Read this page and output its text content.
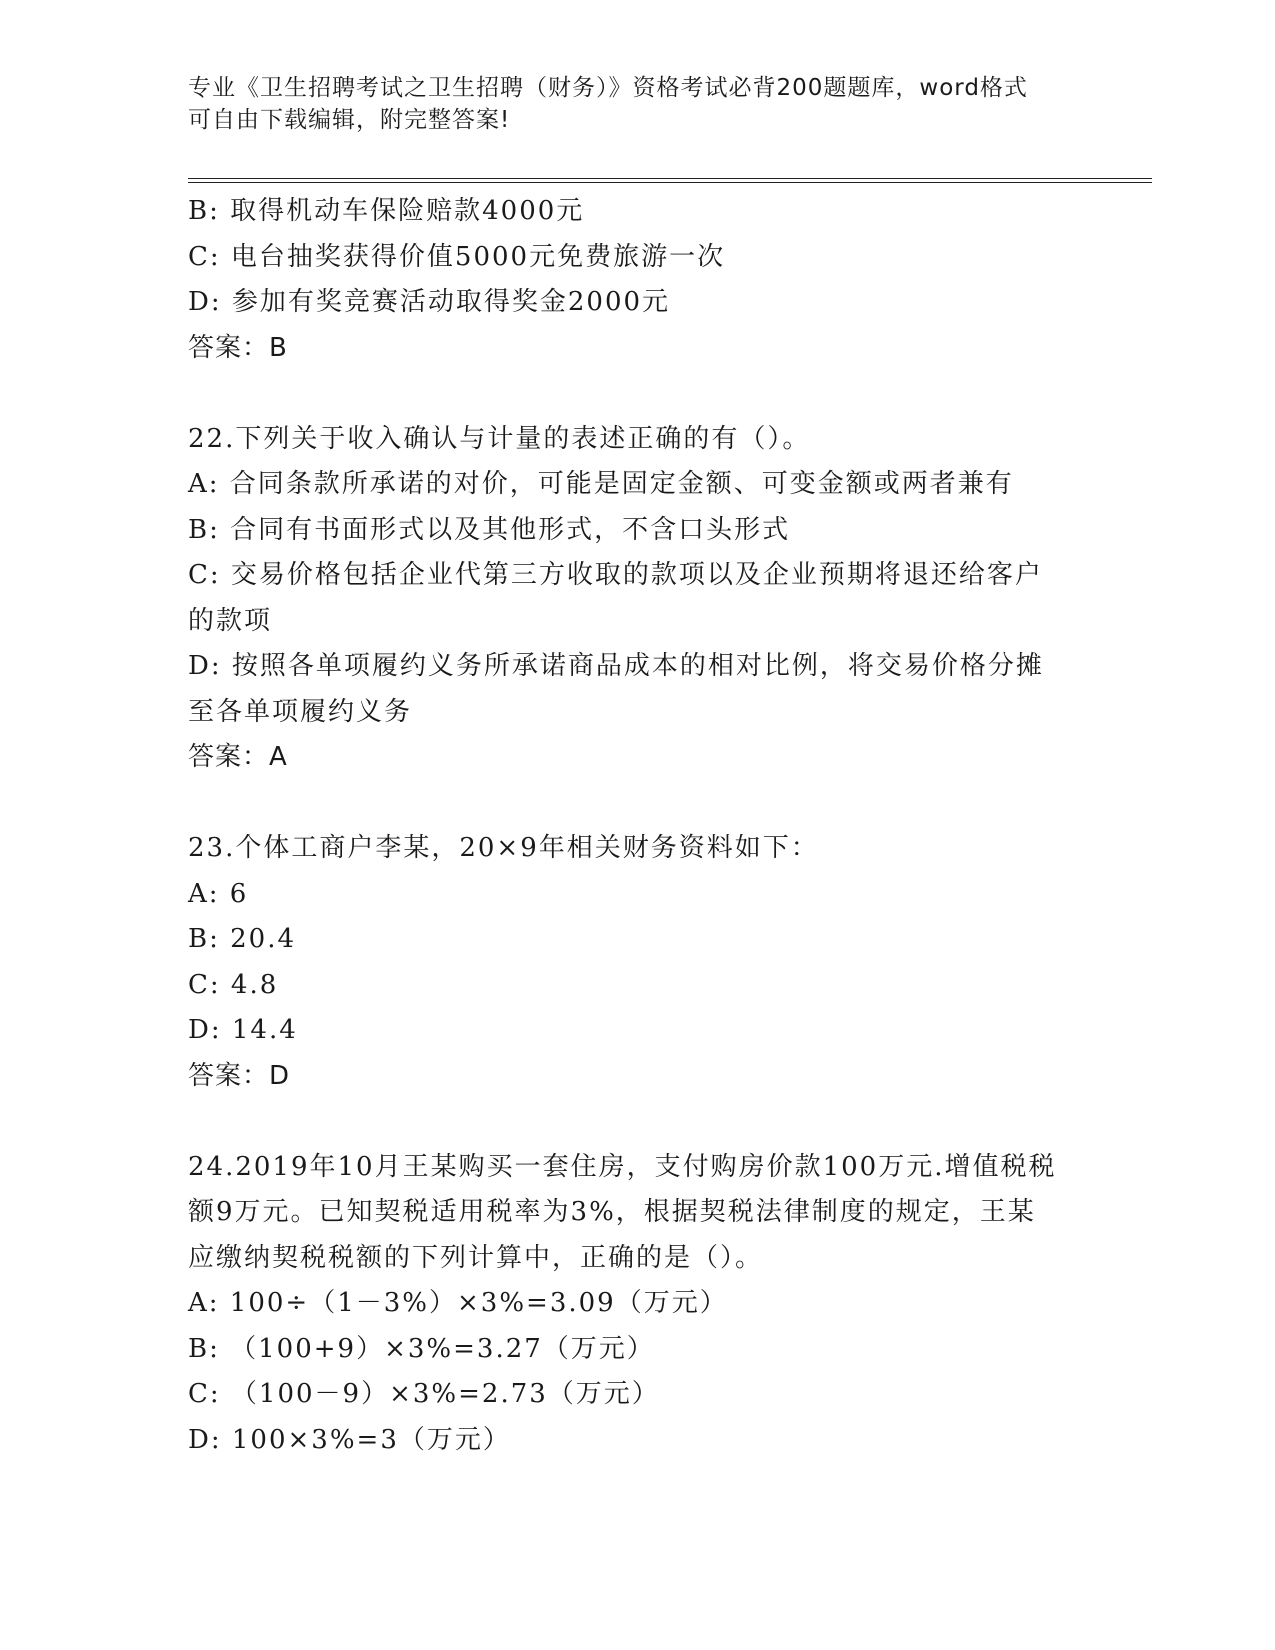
专业《卫生招聘考试之卫生招聘（财务）》资格考试必背200题题库，word格式
可自由下载编辑，附完整答案!
B: 取得机动车保险赔款4000元
C: 电台抽奖获得价值5000元免费旅游一次
D: 参加有奖竞赛活动取得奖金2000元
答案：B
22.下列关于收入确认与计量的表述正确的有（）。
A: 合同条款所承诺的对价，可能是固定金额、可变金额或两者兼有
B: 合同有书面形式以及其他形式，不含口头形式
C: 交易价格包括企业代第三方收取的款项以及企业预期将退还给客户
的款项
D: 按照各单项履约义务所承诺商品成本的相对比例，将交易价格分摊
至各单项履约义务
答案：A
23.个体工商户李某，20×9年相关财务资料如下：
A: 6
B: 20.4
C: 4.8
D: 14.4
答案：D
24.2019年10月王某购买一套住房，支付购房价款100万元.增值税税
额9万元。已知契税适用税率为3%，根据契税法律制度的规定，王某
应缴纳契税税额的下列计算中，正确的是（）。
A: 100÷（1－3%）×3%=3.09（万元）
B: （100+9）×3%=3.27（万元）
C: （100－9）×3%=2.73（万元）
D: 100×3%=3（万元）
